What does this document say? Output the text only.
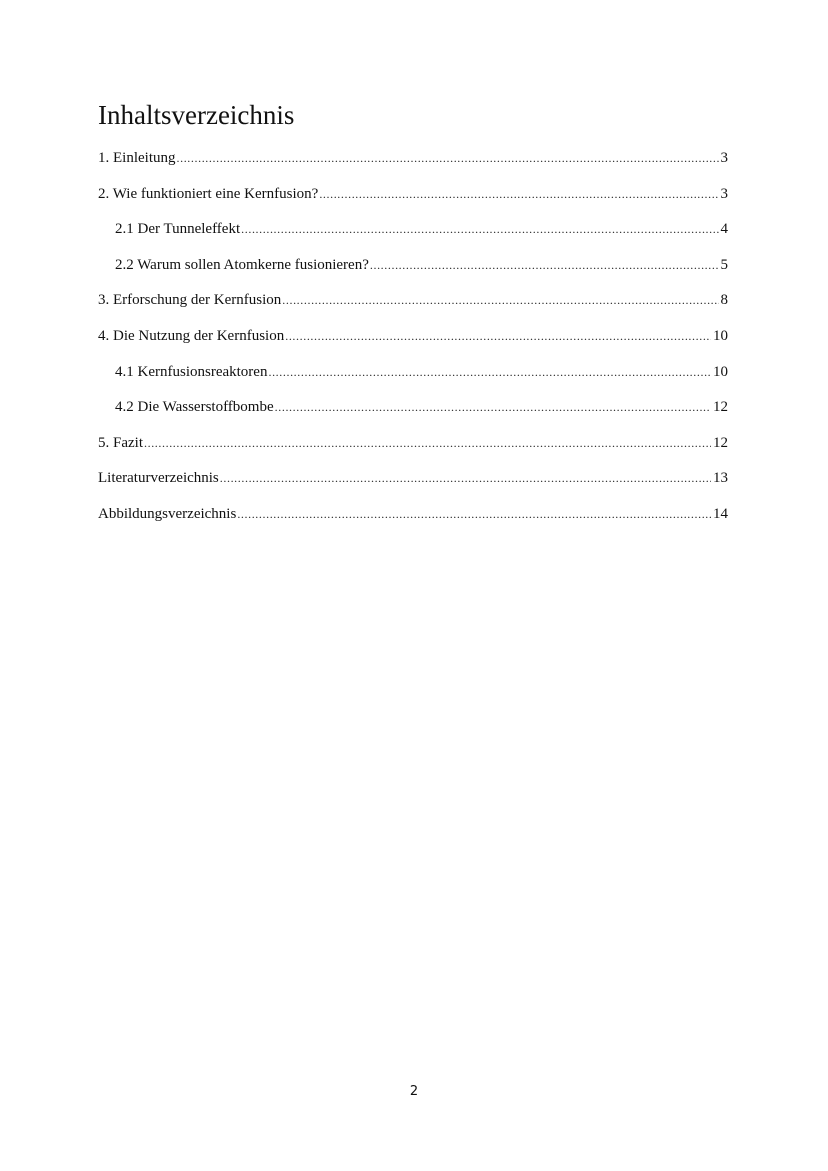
Inhaltsverzeichnis
1. Einleitung .....	3
2. Wie funktioniert eine Kernfusion? .....	3
2.1 Der Tunneleffekt .....	4
2.2 Warum sollen Atomkerne fusionieren? .....	5
3. Erforschung der Kernfusion .....	8
4. Die Nutzung der Kernfusion .....	10
4.1 Kernfusionsreaktoren .....	10
4.2 Die Wasserstoffbombe .....	12
5. Fazit .....	12
Literaturverzeichnis .....	13
Abbildungsverzeichnis .....	14
2
